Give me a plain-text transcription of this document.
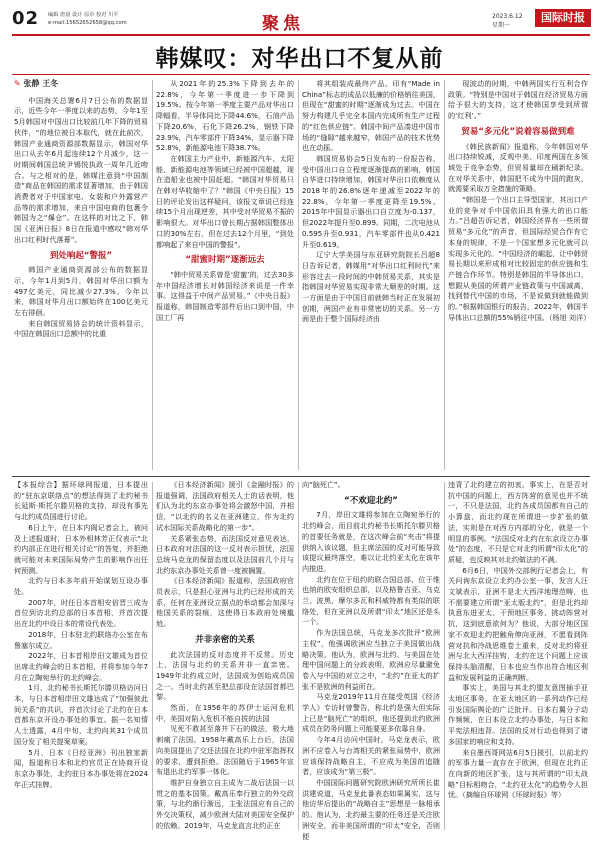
02 编辑 唐晨 设计 原卓 校对 川平
e-mail:15652652658@qq.com	聚焦	2023.6.12
星期一
国际时报
韩媒叹：对华出口不复从前

✎ 张静 王冬

中国海关总署6月7日公布的数据显示，近些今年一季度以来的态势，今年1至5月韩国对中国出口比较前几年下降的贸易伙伴，“的地位被日本取代，就在此前次，韩国产业通商资源部数据显示，韩国对华出口从去年6月起连续12个月减少，这一时期间韩国总统尹锡悦执政一周年几近吻合。与之相对的是，韩媒注意到“中国制造”商品在韩国的需求显著增加，由于韩国消费者对于中国家电、女装和户外露营产品等的需求增加，来自中国电商的包裹令韩国为之“爆仓”。在这样的对比之下，韩国《亚洲日报》8日在报道中感叹“韩对华出口红利时代落幕”。

到处响起“警报”

韩国产业通商资源部公布的数据显示，今年1月到5月，韩国对华出口额为497亿美元，同比减少27.3%。今年以来，韩国对华月出口额始终在100亿美元左右徘徊。

来自韩国贸易协会的统计资料显示，中国在韩国出口总额中的比重

从2021年的25.3%下降到去年的22.8%，今年第一季度进一步下降到19.5%。按今年第一季度主要产品对华出口降幅看，半导体同比下降44.6%，石油产品下降20.6%，石化下降26.2%，钢铁下降23.9%，汽车零部件下降34%，显示器下降52.8%，新能源电池下降38.7%。

在韩国主力产业中，新能源汽车、太阳能、新能源电池等领域已经被中国超越，现在造船业也被中国赶超。“韩国对华贸易只在韩对华收缩中了？”韩国《中央日报》15日的评论发出这样疑问，该报文章说已经连续15个月出现逆差，其中受对华贸易不振的影响很大。对华出口曾长期占据韩国整体出口的30%左右，但在过去12个月里，“到处都响起了来自中国的警报”。

“甜蜜时期”逐渐远去

“韩中贸易关系曾是‘甜蜜’的，过去30多年中国经济增长对韩国经济来说是一件幸事。这得益于中间产品贸易。”《中央日报》报道称，韩国制造零部件后出口到中国，中国工厂再

将其组装成最终产品。印有“Made in China”标志的成品以低廉的价格销往美国，但现在“甜蜜的时期”逐渐成为过去。中国在努力构建几乎完全本国内完成所有生产过程的“红色供应链”。韩国中间产品凑进中国市场的“缝隙”越来越窄，韩国产品的技术优势也在动摇。

韩国贸易协会5日发布的一份报告称，受中国出口自立程度逐渐提高的影响，韩国自华进口持续增加，韩国对华出口依赖度从2018年的26.8%逐年递减至2022年的22.8%，今年第一季度更降至19.5%。2015年中国显示器出口自立度为-0.137，但2022年提升至0.899。同期，二次电池从0.595升至0.931，汽车零部件也从0.421升至0.619。

辽宁大学美国与东亚研究院院长吕超8日告诉记者，韩媒用“对华出口红利时代”来形容过去一段时间的中韩贸易关系，其实是指韩国对华贸易实现非常大顺差的时期。这一方面是由于中国目前就韩当时正在发展初创期，两国产业有非常密切的关系。另一方面是由于整个国际经济由

现波动的时期，中韩两国实行互利合作政策。“特别是中国对于韩国在经济贸易方面给予很大的支持，这才使韩国享受到所谓的‘红利’。”

贸易“多元化”说着容易做到难

《韩民族新闻》报道称，今年韩国对华出口持续锐减，反观中美、印度两国在多领域处于竞争态势，但贸易量却在刷新纪录。在对华关系中，韩国把不成为中国的跑灰，就需要采取万全措施的策略。

“韩国是一个出口主导型国家，其出口产业的竞争对手中国依旧具有强大的出口能力。”吕超告诉记者，韩国经济界有一些所谓贸易“多元化”的声音，但国际经贸合作有它本身的规律，不是一个国家想多元化就可以实现多元化的。“中国经济的崛起，让中韩贸易长期以来形成相对比较固定的供应链和生产链合作环节。特别是韩国的半导体出口，想跟从美国的所谓产业链政策与中国减离，找到替代中国的市场，不是说做到就能做到的。”根据韩国银行的报告，2022年，韩国半导体出口总额的55%销往中国。（杨旭 刘洋）

【本报综合】据环球网报道，日本提出的“驻东京联络点”的想法得到了北约秘书长延斯·斯托尔滕贝格的支持，却没有事先与北约成员国进行讨论。

6日上午，在日本内阁记者会上，被问及上述报道时，日本外相林芳正仅表示“北约内部正在进行相关讨论”的答复，并拒绝就可能对未来国际局势产生的影响作出任何预测。

北约与日本多年前开始谋划互设办事处。

2007年，时任日本首相安倍晋三成为首位到访北约总部的日本首相，并首次提出在北约中设日本的常设代表处。

2018年，日本驻北约联络办公室在布鲁塞尔成立。

2022年，日本首相岸田文雄成为首位出席北约峰会的日本首相，并将参加今年7月在立陶宛举行的北约峰会。

1月，北约秘书长斯托尔滕贝格访问日本，与日本首相岸田文雄达成了“加强彼此间关系”的共识，并首次讨论了北约在日本首都东京开设办事处的事宜。据一名知情人士透露，4月中旬，北约向其31个成员国分发了相关提案草案。

5月，日本《日经亚洲》刊出独家新闻，报道称日本和北约官员正在协商开设东京办事处，北约驻日本办事处将在2024年正式挂牌。

《日本经济新闻》援引《金融时报》的报道强调，法国政府相关人士的话表明，他们认为北约东京办事处将会激怒中国，并相信，“以北约的名义在亚洲建立，作为北约试水国际关系战略化的第一步”。

关系紧张态势，而法国反对意见表达，日本政府对法国的这一反对表示担忧，法国总统马克龙的保留态度以及法国前几个月与北约东京办事处关系曾一度被搁置。

《日本经济新闻》报道称，法国政府官员表示，只是担心亚洲与北约已经形成的关系，任何在亚洲设立据点的举动都会加深与他国关系的裂痕，这使得日本政府处境尴尬。

并非亲密的关系

此次法国的反对态度并不反常。历史上，法国与北约的关系并非一直亲密。1949年北约成立时，法国成为创始成员国之一。当时北约甚至把总部设在法国首都巴黎。

然而，在1956年的苏伊士运河危机中，美国对陷入危机不能自拔的法国

见死不救甚至落井下石的做法，极大地刺痛了法国。1958年戴高乐上台后，法国向美国提出了交还法国在北约中驻军指挥权的要求，遭到拒绝。法国随后于1965年宣布退出北约军事一体化。

维护自身独立自主成为二战后法国一以贯之的基本国策。戴高乐奉行独立的外交政策，与北约渐行渐远，主张法国应有自己的外交决策权，减少欧洲大陆对美国安全保护的依赖。2019年，马克龙直言北约正在

向“脑死亡”。

“不欢迎北约”

7月，岸田文雄将参加在立陶宛举行的北约峰会，而目前北约秘书长斯托尔滕贝格的首要任务就是，在这次峰会前“夹击”将提供纳入该议题，但主席法国的反对可能导致该提议最终落空，难以让北约亚太化在该年内推进。

北约在位于纽约的联合国总部、位于维也纳的欧安组织总部，以及格鲁吉亚、乌克兰、波黑、摩尔多瓦和科威特都有类似的联络处，但在亚洲以及所谓“印太”地区还是头一个。

作为法国总统，马克龙多次批评“欧洲主权”，他强调欧洲应当独立于美国做出战略决策。他认为，欧洲与北约、与美国在处理中国问题上的分歧表明，欧洲应尽量避免卷入与中国的对立之中，“北约”在亚太的扩张不是欧洲的利益所在。

马克龙2019年11月在接受英国《经济学人》专访时曾警告，称北约是强大但实际上已是“脑死亡”的组织，他还提到北约欧洲成员在防务问题上可能要更多依靠自身。

今年4月访问中国时，马克龙表示，欧洲不应卷入与台湾相关的紧张局势中，欧洲应该保持战略自主，不应成为美国的追随者，应该成为“第三极”。

中国国际问题研究院欧洲研究所所长崔洪建说道，马克龙此番表态如果属实，这与他访华后提出的“战略自主”思想是一脉相承的。他认为，北约最主要的任务还是关注欧洲安全，而非美国所谓的“印太”安全，否则便

违背了北约建立的初衷。事实上，在是否对抗中国的问题上，西方阵营的意见也并不统一，不只是法国，北约各成员国都有自己的小算盘，而北约现在所谓进一步扩张的做法，实则是在对西方内部的分化，就是一个明显的事例。“法国反对北约在东京设立办事处”的态度，不只是它对北约所谓“印太化”的质疑，也反映其对北约做法的不满。

6月6日，中国外交部例行记者会上，有关问询东京设立北约办公室一事，发言人汪文斌表示，亚洲不是北大西洋地理范畴，也不需要建立所谓“亚太版北约”，但是北约却执意东进亚太、干预地区事务、挑动阵营对抗，这到底意欲何为？他说，大部分地区国家不欢迎北约把触角伸向亚洲，不愿看到阵营对抗和冷战思维卷土重来，反对北约将亚洲与北大西洋挂钩，北约在这个问题上应该保持头脑清醒，日本也应当作出符合地区利益和发展利益的正确判断。

事实上，美国与其北约盟友意图插手亚太地区事务，在亚太地区的一系列动作已经引发国际舆论的广泛批评。日本右翼分子动作频频，在日本设立北约办事处，与日本和平宪法相违背。法国的反对行动也得到了诸多国家的响应和支持。

来自墨西哥网站6月5日援引，以前北约的军事力量一直存在于欧洲，但现在北约正在向新的地区扩张，这与其所谓的“印太战略”目标相吻合，“北约亚太化”的趋势令人担忧。（摘编自环球网《环球时报》等）
